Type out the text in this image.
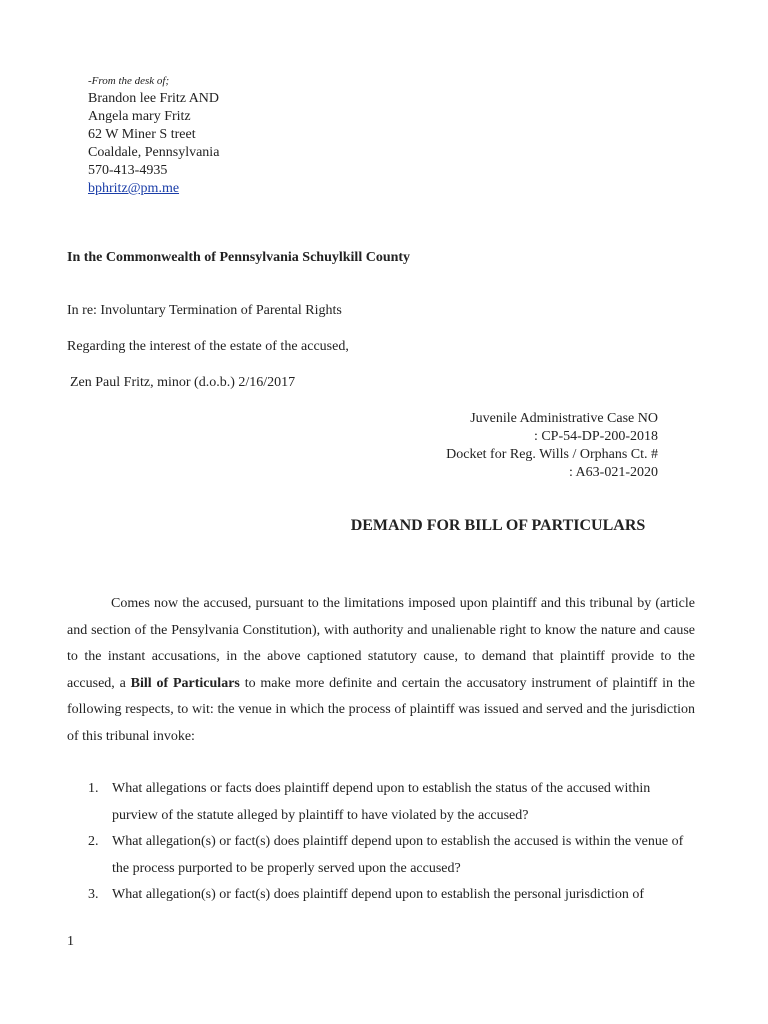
-From the desk of;
Brandon lee Fritz AND
Angela mary Fritz
62 W Miner S treet
Coaldale, Pennsylvania
570-413-4935
bphritz@pm.me
In the Commonwealth of Pennsylvania Schuylkill County
In re: Involuntary Termination of Parental Rights
Regarding the interest of the estate of the accused,
Zen Paul Fritz, minor (d.o.b.) 2/16/2017
Juvenile Administrative Case NO
: CP-54-DP-200-2018
Docket for Reg. Wills / Orphans Ct. #
: A63-021-2020
DEMAND FOR BILL OF PARTICULARS
Comes now the accused, pursuant to the limitations imposed upon plaintiff and this tribunal by (article and section of the Pensylvania Constitution), with authority and unalienable right to know the nature and cause to the instant accusations, in the above captioned statutory cause, to demand that plaintiff provide to the accused, a Bill of Particulars to make more definite and certain the accusatory instrument of plaintiff in the following respects, to wit: the venue in which the process of plaintiff was issued and served and the jurisdiction of this tribunal invoke:
1. What allegations or facts does plaintiff depend upon to establish the status of the accused within purview of the statute alleged by plaintiff to have violated by the accused?
2. What allegation(s) or fact(s) does plaintiff depend upon to establish the accused is within the venue of the process purported to be properly served upon the accused?
3. What allegation(s) or fact(s) does plaintiff depend upon to establish the personal jurisdiction of
1
